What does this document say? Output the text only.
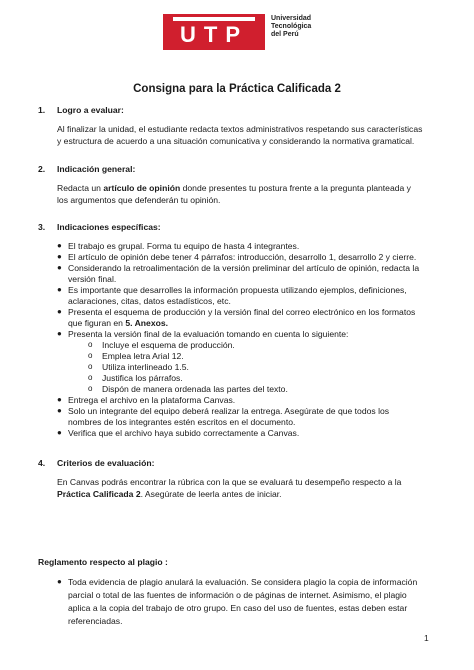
UTP
Universidad
Tecnológica
del Perú
Consigna para la Práctica Calificada 2
1. Logro a evaluar:
Al finalizar la unidad, el estudiante redacta textos administrativos respetando sus características
y estructura de acuerdo a una situación comunicativa y considerando la normativa gramatical.
2. Indicación general:
Redacta un artículo de opinión donde presentes tu postura frente a la pregunta planteada y
los argumentos que defenderán tu opinión.
3. Indicaciones específicas:
● El trabajo es grupal. Forma tu equipo de hasta 4 integrantes.
● El artículo de opinión debe tener 4 párrafos: introducción, desarrollo 1, desarrollo 2 y cierre.
● Considerando la retroalimentación de la versión preliminar del artículo de opinión, redacta la
versión final.
● Es importante que desarrolles la información propuesta utilizando ejemplos, definiciones,
aclaraciones, citas, datos estadísticos, etc.
● Presenta el esquema de producción y la versión final del correo electrónico en los formatos
que figuran en 5. Anexos.
● Presenta la versión final de la evaluación tomando en cuenta lo siguiente:
o Incluye el esquema de producción.
o Emplea letra Arial 12.
o Utiliza interlineado 1.5.
o Justifica los párrafos.
o Dispón de manera ordenada las partes del texto.
● Entrega el archivo en la plataforma Canvas.
● Solo un integrante del equipo deberá realizar la entrega. Asegúrate de que todos los
nombres de los integrantes estén escritos en el documento.
● Verifica que el archivo haya subido correctamente a Canvas.
4. Criterios de evaluación:
En Canvas podrás encontrar la rúbrica con la que se evaluará tu desempeño respecto a la
Práctica Calificada 2. Asegúrate de leerla antes de iniciar.
Reglamento respecto al plagio :
● Toda evidencia de plagio anulará la evaluación. Se considera plagio la copia de información
parcial o total de las fuentes de información o de páginas de internet. Asimismo, el plagio
aplica a la copia del trabajo de otro grupo. En caso del uso de fuentes, estas deben estar
referenciadas.
1
